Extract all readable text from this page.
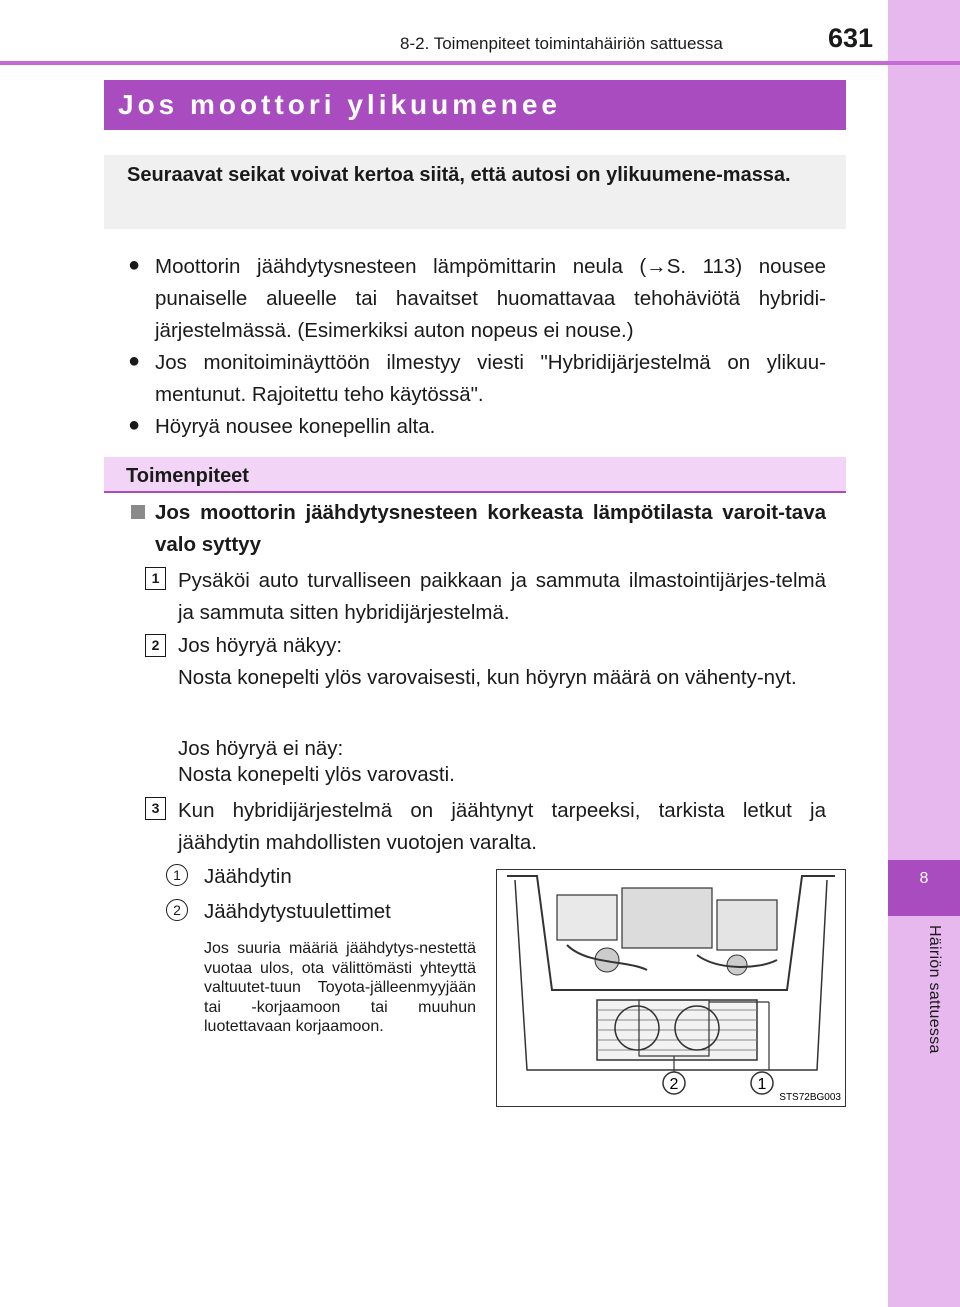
8
Häiriön sattuessa
8-2. Toimenpiteet toimintahäiriön sattuessa	631
Jos moottori ylikuumenee
Seuraavat seikat voivat kertoa siitä, että autosi on ylikuumene-massa.
● Moottorin jäähdytysnesteen lämpömittarin neula (→S. 113) nousee punaiselle alueelle tai havaitset huomattavaa tehohäviötä hybridi-järjestelmässä. (Esimerkiksi auton nopeus ei nouse.)
● Jos monitoiminäyttöön ilmestyy viesti "Hybridijärjestelmä on ylikuu-mentunut. Rajoitettu teho käytössä".
● Höyryä nousee konepellin alta.
Toimenpiteet
Jos moottorin jäähdytysnesteen korkeasta lämpötilasta varoit-tava valo syttyy
1 Pysäköi auto turvalliseen paikkaan ja sammuta ilmastointijärjes-telmä ja sammuta sitten hybridijärjestelmä.
2 Jos höyryä näkyy:
Nosta konepelti ylös varovaisesti, kun höyryn määrä on vähenty-nyt.
Jos höyryä ei näy:
Nosta konepelti ylös varovasti.
3 Kun hybridijärjestelmä on jäähtynyt tarpeeksi, tarkista letkut ja jäähdytin mahdollisten vuotojen varalta.
1	Jäähdytin
2	Jäähdytystuulettimet
Jos suuria määriä jäähdytys-nestettä vuotaa ulos, ota välittömästi yhteyttä valtuutet-tuun Toyota-jälleenmyyjään tai -korjaamoon tai muuhun luotettavaan korjaamoon.
2	1
STS72BG003
